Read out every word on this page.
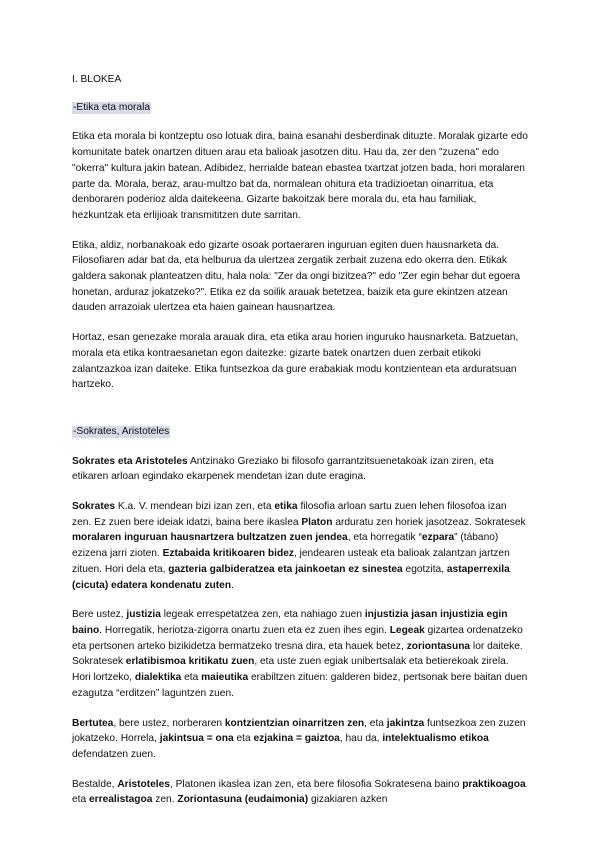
I. BLOKEA
-Etika eta morala

Etika eta morala bi kontzeptu oso lotuak dira, baina esanahi desberdinak dituzte. Moralak gizarte edo komunitate batek onartzen dituen arau eta balioak jasotzen ditu. Hau da, zer den "zuzena" edo "okerra" kultura jakin batean. Adibidez, herrialde batean ebastea txartzat jotzen bada, hori moralaren parte da. Morala, beraz, arau-multzo bat da, normalean ohitura eta tradizioetan oinarritua, eta denboraren poderioz alda daitekeena. Gizarte bakoitzak bere morala du, eta hau familiak, hezkuntzak eta erlijioak transmititzen dute sarritan.

Etika, aldiz, norbanakoak edo gizarte osoak portaeraren inguruan egiten duen hausnarketa da. Filosofiaren adar bat da, eta helburua da ulertzea zergatik zerbait zuzena edo okerra den. Etikak galdera sakonak planteatzen ditu, hala nola: "Zer da ongi bizitzea?" edo "Zer egin behar dut egoera honetan, arduraz jokatzeko?". Etika ez da soilik arauak betetzea, baizik eta gure ekintzen atzean dauden arrazoiak ulertzea eta haien gainean hausnartzea.

Hortaz, esan genezake morala arauak dira, eta etika arau horien inguruko hausnarketa. Batzuetan, morala eta etika kontraesanetan egon daitezke: gizarte batek onartzen duen zerbait etikoki zalantzazkoa izan daiteke. Etika funtsezkoa da gure erabakiak modu kontzientean eta arduratsuan hartzeko.

-Sokrates, Aristoteles

Sokrates eta Aristoteles Antzinako Greziako bi filosofo garrantzitsuenetakoak izan ziren, eta etikaren arloan egindako ekarpenek mendetan izan dute eragina.

Sokrates K.a. V. mendean bizi izan zen, eta etika filosofia arloan sartu zuen lehen filosofoa izan zen. Ez zuen bere ideiak idatzi, baina bere ikaslea Platon arduratu zen horiek jasotzeaz. Sokratesek moralaren inguruan hausnartzera bultzatzen zuen jendea, eta horregatik “ezpara” (tábano) ezizena jarri zioten. Eztabaida kritikoaren bidez, jendearen usteak eta balioak zalantzan jartzen zituen. Hori dela eta, gazteria galbideratzea eta jainkoetan ez sinestea egotzita, astaperrexila (cicuta) edatera kondenatu zuten.

Bere ustez, justizia legeak errespetatzea zen, eta nahiago zuen injustizia jasan injustizia egin baino. Horregatik, heriotza-zigorra onartu zuen eta ez zuen ihes egin. Legeak gizartea ordenatzeko eta pertsonen arteko bizikidetza bermatzeko tresna dira, eta hauek betez, zoriontasuna lor daiteke. Sokratesek erlatibismoa kritikatu zuen, eta uste zuen egiak unibertsalak eta betierekoak zirela. Hori lortzeko, dialektika eta maieutika erabiltzen zituen: galderen bidez, pertsonak bere baitan duen ezagutza “erditzen” laguntzen zuen.

Bertutea, bere ustez, norberaren kontzientzian oinarritzen zen, eta jakintza funtsezkoa zen zuzen jokatzeko. Horrela, jakintsua = ona eta ezjakina = gaiztoa, hau da, intelektualismo etikoa defendatzen zuen.

Bestalde, Aristoteles, Platonen ikaslea izan zen, eta bere filosofia Sokratesena baino praktikoagoa eta errealistagoa zen. Zoriontasuna (eudaimonia) gizakiaren azken
